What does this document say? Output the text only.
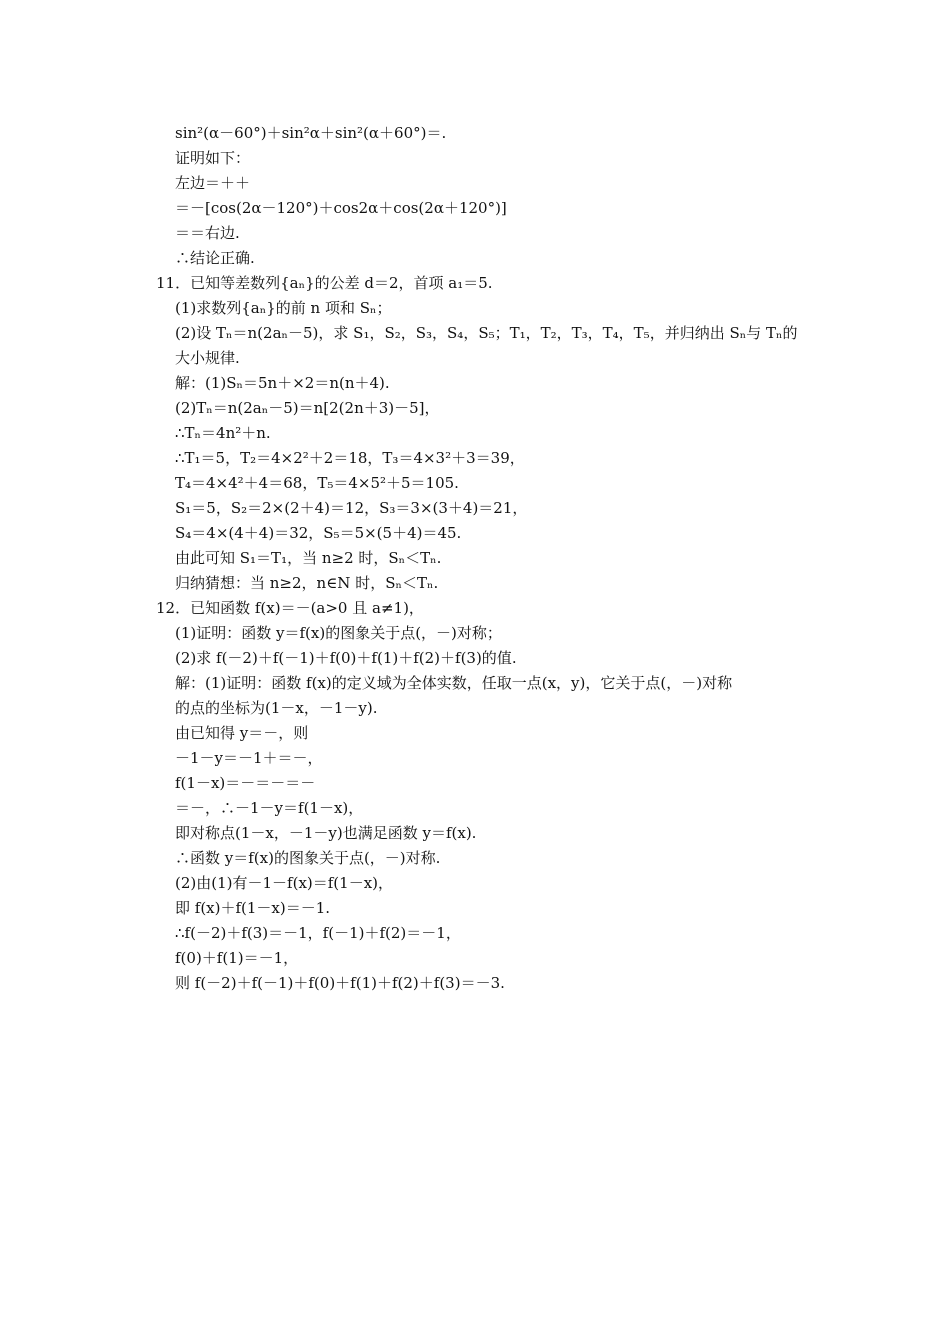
sin²(α－60°)＋sin²α＋sin²(α＋60°)＝.
证明如下：
左边＝＋＋
＝－[cos(2α－120°)＋cos2α＋cos(2α＋120°)]
＝＝右边.
∴结论正确.
11．已知等差数列{aₙ}的公差 d＝2，首项 a₁＝5.
(1)求数列{aₙ}的前 n 项和 Sₙ；
(2)设 Tₙ＝n(2aₙ－5)，求 S₁，S₂，S₃，S₄，S₅；T₁，T₂，T₃，T₄，T₅，并归纳出 Sₙ与 Tₙ的
大小规律.
解：(1)Sₙ＝5n＋×2＝n(n＋4).
(2)Tₙ＝n(2aₙ－5)＝n[2(2n＋3)－5]，
∴Tₙ＝4n²＋n.
∴T₁＝5，T₂＝4×2²＋2＝18，T₃＝4×3²＋3＝39，
T₄＝4×4²＋4＝68，T₅＝4×5²＋5＝105.
S₁＝5，S₂＝2×(2＋4)＝12，S₃＝3×(3＋4)＝21，
S₄＝4×(4＋4)＝32，S₅＝5×(5＋4)＝45.
由此可知 S₁＝T₁，当 n≥2 时，Sₙ＜Tₙ.
归纳猜想：当 n≥2，n∈N 时，Sₙ＜Tₙ.
12．已知函数 f(x)＝－(a>0 且 a≠1)，
(1)证明：函数 y＝f(x)的图象关于点(，－)对称；
(2)求 f(－2)＋f(－1)＋f(0)＋f(1)＋f(2)＋f(3)的值.
解：(1)证明：函数 f(x)的定义域为全体实数，任取一点(x，y)，它关于点(，－)对称
的点的坐标为(1－x，－1－y).
由已知得 y＝－，则
－1－y＝－1＋＝－，
f(1－x)＝－＝－＝－
＝－，∴－1－y＝f(1－x)，
即对称点(1－x，－1－y)也满足函数 y＝f(x).
∴函数 y＝f(x)的图象关于点(，－)对称.
(2)由(1)有－1－f(x)＝f(1－x)，
即 f(x)＋f(1－x)＝－1.
∴f(－2)＋f(3)＝－1，f(－1)＋f(2)＝－1，
f(0)＋f(1)＝－1，
则 f(－2)＋f(－1)＋f(0)＋f(1)＋f(2)＋f(3)＝－3.
